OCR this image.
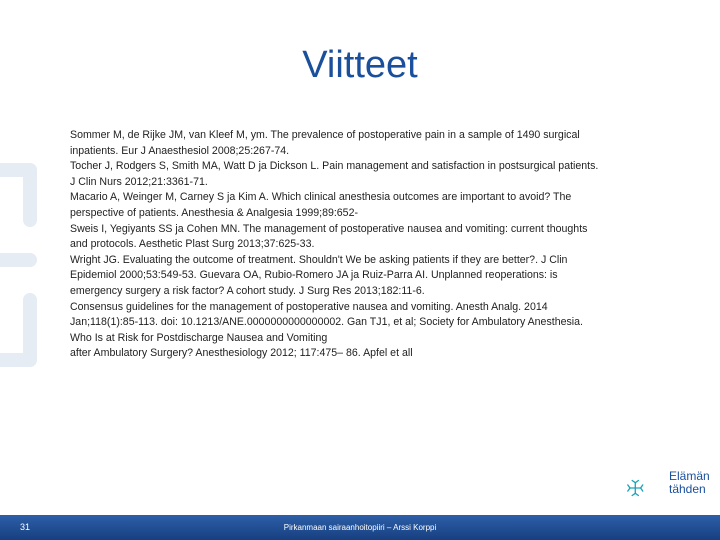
Viitteet
Sommer M, de Rijke JM, van Kleef M, ym. The prevalence of postoperative pain in a sample of 1490 surgical
inpatients. Eur J Anaesthesiol 2008;25:267-74.
Tocher J, Rodgers S, Smith MA, Watt D ja Dickson L. Pain management and satisfaction in postsurgical patients.
J Clin Nurs 2012;21:3361-71.
Macario A, Weinger M, Carney S ja Kim A. Which clinical anesthesia outcomes are important to avoid? The
perspective of patients. Anesthesia & Analgesia 1999;89:652-
Sweis I, Yegiyants SS ja Cohen MN. The management of postoperative nausea and vomiting: current thoughts
and protocols. Aesthetic Plast Surg 2013;37:625-33.
Wright JG. Evaluating the outcome of treatment. Shouldn't We be asking patients if they are better?. J Clin
Epidemiol 2000;53:549-53. Guevara OA, Rubio-Romero JA ja Ruiz-Parra AI. Unplanned reoperations: is
emergency surgery a risk factor? A cohort study. J Surg Res 2013;182:11-6.
Consensus guidelines for the management of postoperative nausea and vomiting. Anesth Analg. 2014
Jan;118(1):85-113. doi: 10.1213/ANE.0000000000000002. Gan TJ1, et al; Society for Ambulatory Anesthesia.
Who Is at Risk for Postdischarge Nausea and Vomiting
after Ambulatory Surgery? Anesthesiology 2012; 117:475– 86. Apfel et all
Elämän
tähden
31	Pirkanmaan sairaanhoitopiiri – Arssi Korppi
